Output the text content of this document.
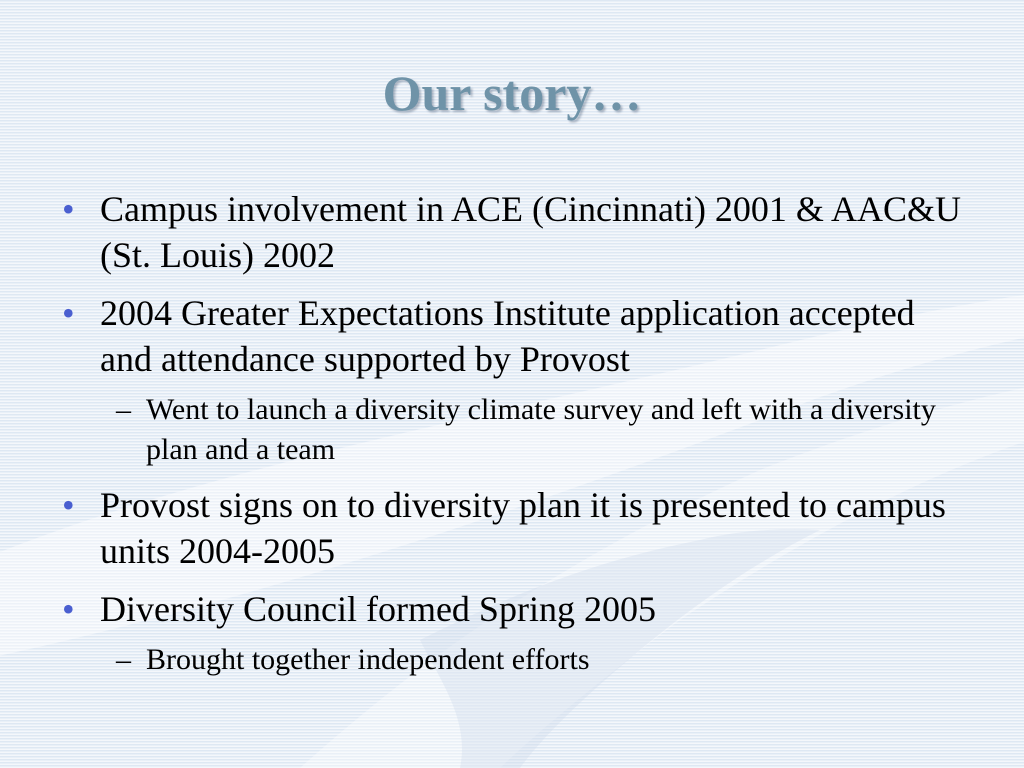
Our story…
• Campus involvement in ACE (Cincinnati) 2001 & AAC&U (St. Louis) 2002
• 2004 Greater Expectations Institute application accepted and attendance supported by Provost
– Went to launch a diversity climate survey and left with a diversity plan and a team
• Provost signs on to diversity plan it is presented to campus units 2004-2005
• Diversity Council formed Spring 2005
– Brought together independent efforts
